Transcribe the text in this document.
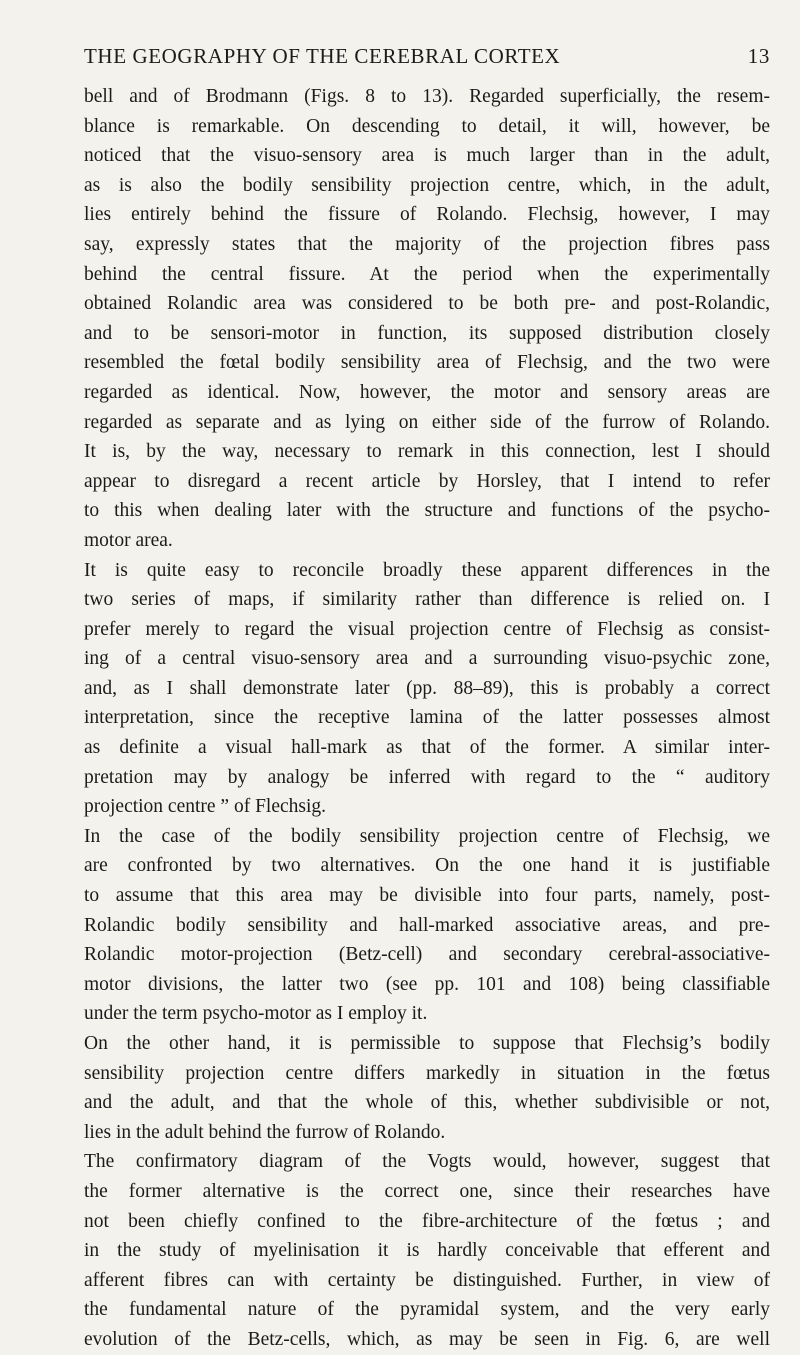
THE GEOGRAPHY OF THE CEREBRAL CORTEX	13
bell and of Brodmann (Figs. 8 to 13). Regarded superficially, the resem-
blance is remarkable. On descending to detail, it will, however, be
noticed that the visuo-sensory area is much larger than in the adult,
as is also the bodily sensibility projection centre, which, in the adult,
lies entirely behind the fissure of Rolando. Flechsig, however, I may
say, expressly states that the majority of the projection fibres pass
behind the central fissure. At the period when the experimentally
obtained Rolandic area was considered to be both pre- and post-Rolandic,
and to be sensori-motor in function, its supposed distribution closely
resembled the fœtal bodily sensibility area of Flechsig, and the two were
regarded as identical. Now, however, the motor and sensory areas are
regarded as separate and as lying on either side of the furrow of Rolando.
It is, by the way, necessary to remark in this connection, lest I should
appear to disregard a recent article by Horsley, that I intend to refer
to this when dealing later with the structure and functions of the psycho-
motor area.
It is quite easy to reconcile broadly these apparent differences in the
two series of maps, if similarity rather than difference is relied on. I
prefer merely to regard the visual projection centre of Flechsig as consist-
ing of a central visuo-sensory area and a surrounding visuo-psychic zone,
and, as I shall demonstrate later (pp. 88–89), this is probably a correct
interpretation, since the receptive lamina of the latter possesses almost
as definite a visual hall-mark as that of the former. A similar inter-
pretation may by analogy be inferred with regard to the “ auditory
projection centre ” of Flechsig.
In the case of the bodily sensibility projection centre of Flechsig, we
are confronted by two alternatives. On the one hand it is justifiable
to assume that this area may be divisible into four parts, namely, post-
Rolandic bodily sensibility and hall-marked associative areas, and pre-
Rolandic motor-projection (Betz-cell) and secondary cerebral-associative-
motor divisions, the latter two (see pp. 101 and 108) being classifiable
under the term psycho-motor as I employ it.
On the other hand, it is permissible to suppose that Flechsig’s bodily
sensibility projection centre differs markedly in situation in the fœtus
and the adult, and that the whole of this, whether subdivisible or not,
lies in the adult behind the furrow of Rolando.
The confirmatory diagram of the Vogts would, however, suggest that
the former alternative is the correct one, since their researches have
not been chiefly confined to the fibre-architecture of the fœtus ; and
in the study of myelinisation it is hardly conceivable that efferent and
afferent fibres can with certainty be distinguished. Further, in view of
the fundamental nature of the pyramidal system, and the very early
evolution of the Betz-cells, which, as may be seen in Fig. 6, are well
